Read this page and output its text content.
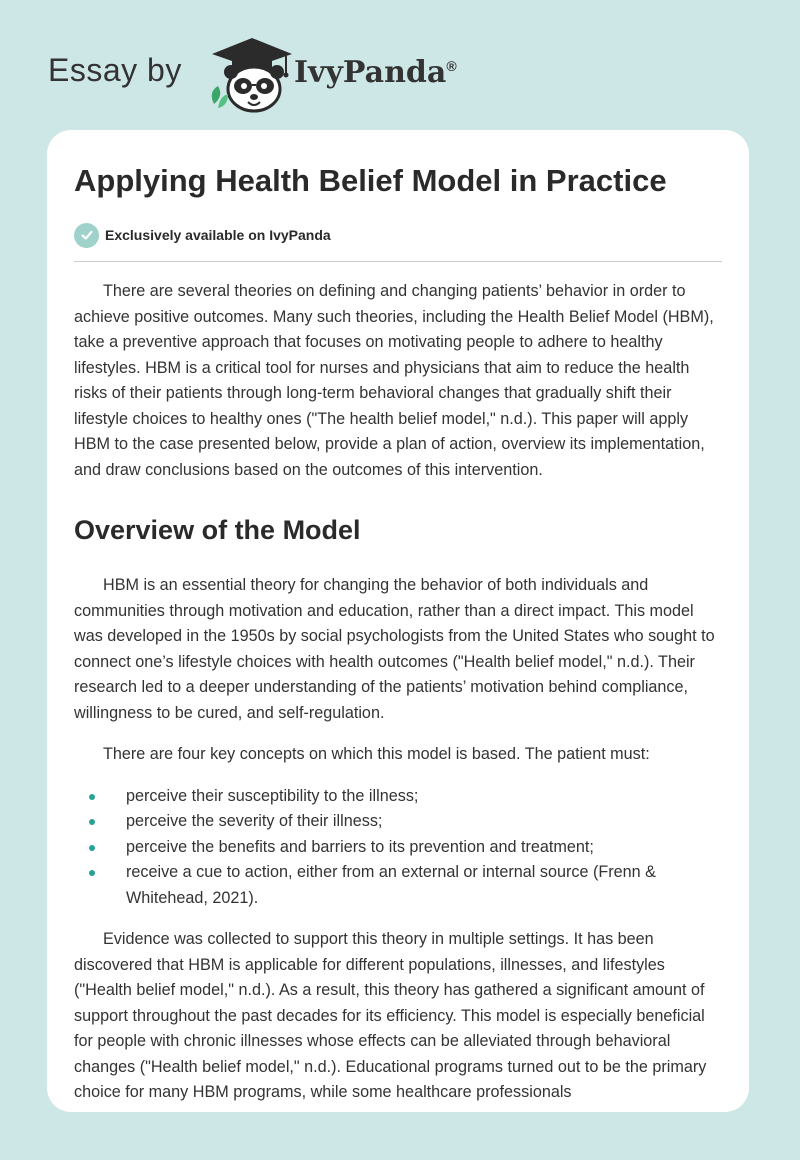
Essay by	IvyPanda®
Applying Health Belief Model in Practice
Exclusively available on IvyPanda

There are several theories on defining and changing patients’ behavior in order to achieve positive outcomes. Many such theories, including the Health Belief Model (HBM), take a preventive approach that focuses on motivating people to adhere to healthy lifestyles. HBM is a critical tool for nurses and physicians that aim to reduce the health risks of their patients through long-term behavioral changes that gradually shift their lifestyle choices to healthy ones ("The health belief model," n.d.). This paper will apply HBM to the case presented below, provide a plan of action, overview its implementation, and draw conclusions based on the outcomes of this intervention.

Overview of the Model

HBM is an essential theory for changing the behavior of both individuals and communities through motivation and education, rather than a direct impact. This model was developed in the 1950s by social psychologists from the United States who sought to connect one’s lifestyle choices with health outcomes ("Health belief model," n.d.). Their research led to a deeper understanding of the patients’ motivation behind compliance, willingness to be cured, and self-regulation.

There are four key concepts on which this model is based. The patient must:

perceive their susceptibility to the illness;
perceive the severity of their illness;
perceive the benefits and barriers to its prevention and treatment;
receive a cue to action, either from an external or internal source (Frenn & Whitehead, 2021).

Evidence was collected to support this theory in multiple settings. It has been discovered that HBM is applicable for different populations, illnesses, and lifestyles ("Health belief model," n.d.). As a result, this theory has gathered a significant amount of support throughout the past decades for its efficiency. This model is especially beneficial for people with chronic illnesses whose effects can be alleviated through behavioral changes ("Health belief model," n.d.). Educational programs turned out to be the primary choice for many HBM programs, while some healthcare professionals
